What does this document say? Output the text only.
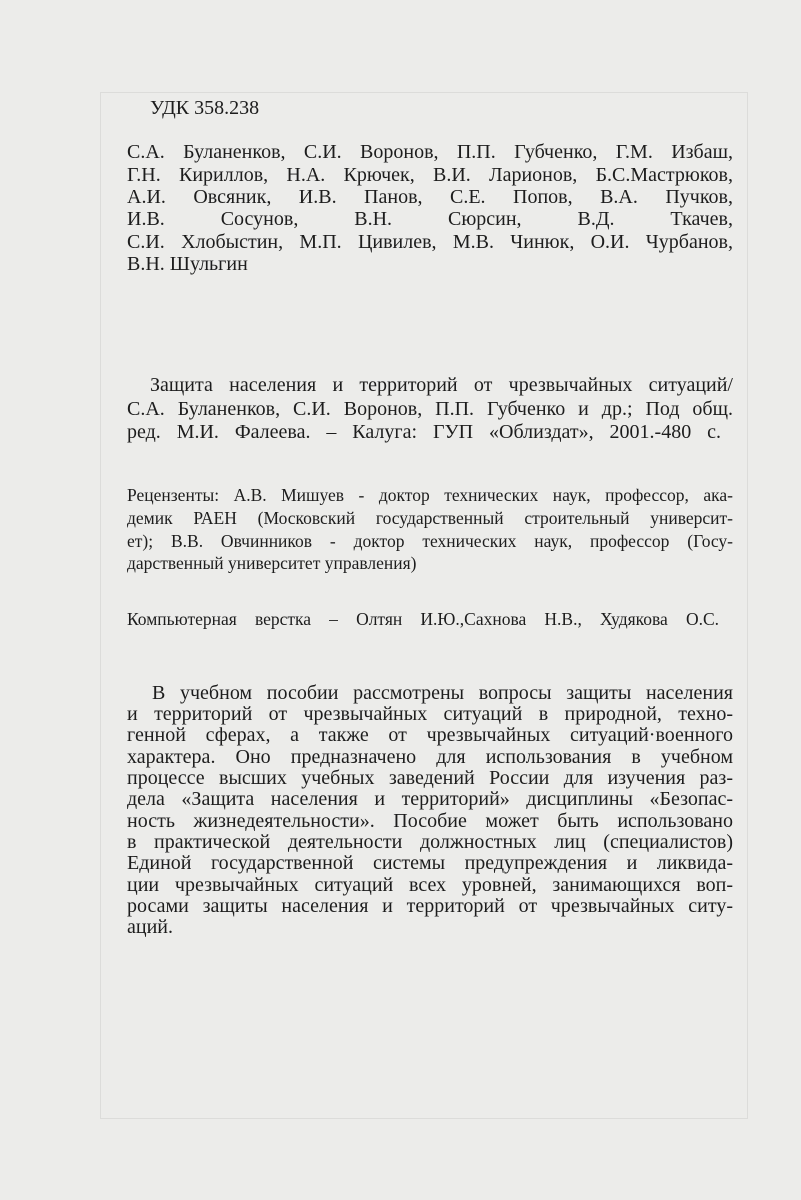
УДК 358.238
С.А. Буланенков, С.И. Воронов, П.П. Губченко, Г.М. Избаш,
Г.Н. Кириллов, Н.А. Крючек, В.И. Ларионов, Б.С.Мастрюков,
А.И. Овсяник, И.В. Панов, С.Е. Попов, В.А. Пучков,
И.В. Сосунов, В.Н. Сюрсин, В.Д. Ткачев,
С.И. Хлобыстин, М.П. Цивилев, М.В. Чинюк, О.И. Чурбанов,
В.Н. Шульгин
Защита населения и территорий от чрезвычайных ситуаций/
С.А. Буланенков, С.И. Воронов, П.П. Губченко и др.; Под общ.
ред. М.И. Фалеева. – Калуга: ГУП «Облиздат», 2001.-480 с.
Рецензенты: А.В. Мишуев - доктор технических наук, профессор, ака-
демик РАЕН (Московский государственный строительный университ-
ет); В.В. Овчинников - доктор технических наук, профессор (Госу-
дарственный университет управления)
Компьютерная верстка – Олтян И.Ю.,Сахнова Н.В., Худякова О.С.
В учебном пособии рассмотрены вопросы защиты населения
и территорий от чрезвычайных ситуаций в природной, техно-
генной сферах, а также от чрезвычайных ситуаций·военного
характера. Оно предназначено для использования в учебном
процессе высших учебных заведений России для изучения раз-
дела «Защита населения и территорий» дисциплины «Безопас-
ность жизнедеятельности». Пособие может быть использовано
в практической деятельности должностных лиц (специалистов)
Единой государственной системы предупреждения и ликвида-
ции чрезвычайных ситуаций всех уровней, занимающихся воп-
росами защиты населения и территорий от чрезвычайных ситу-
аций.
